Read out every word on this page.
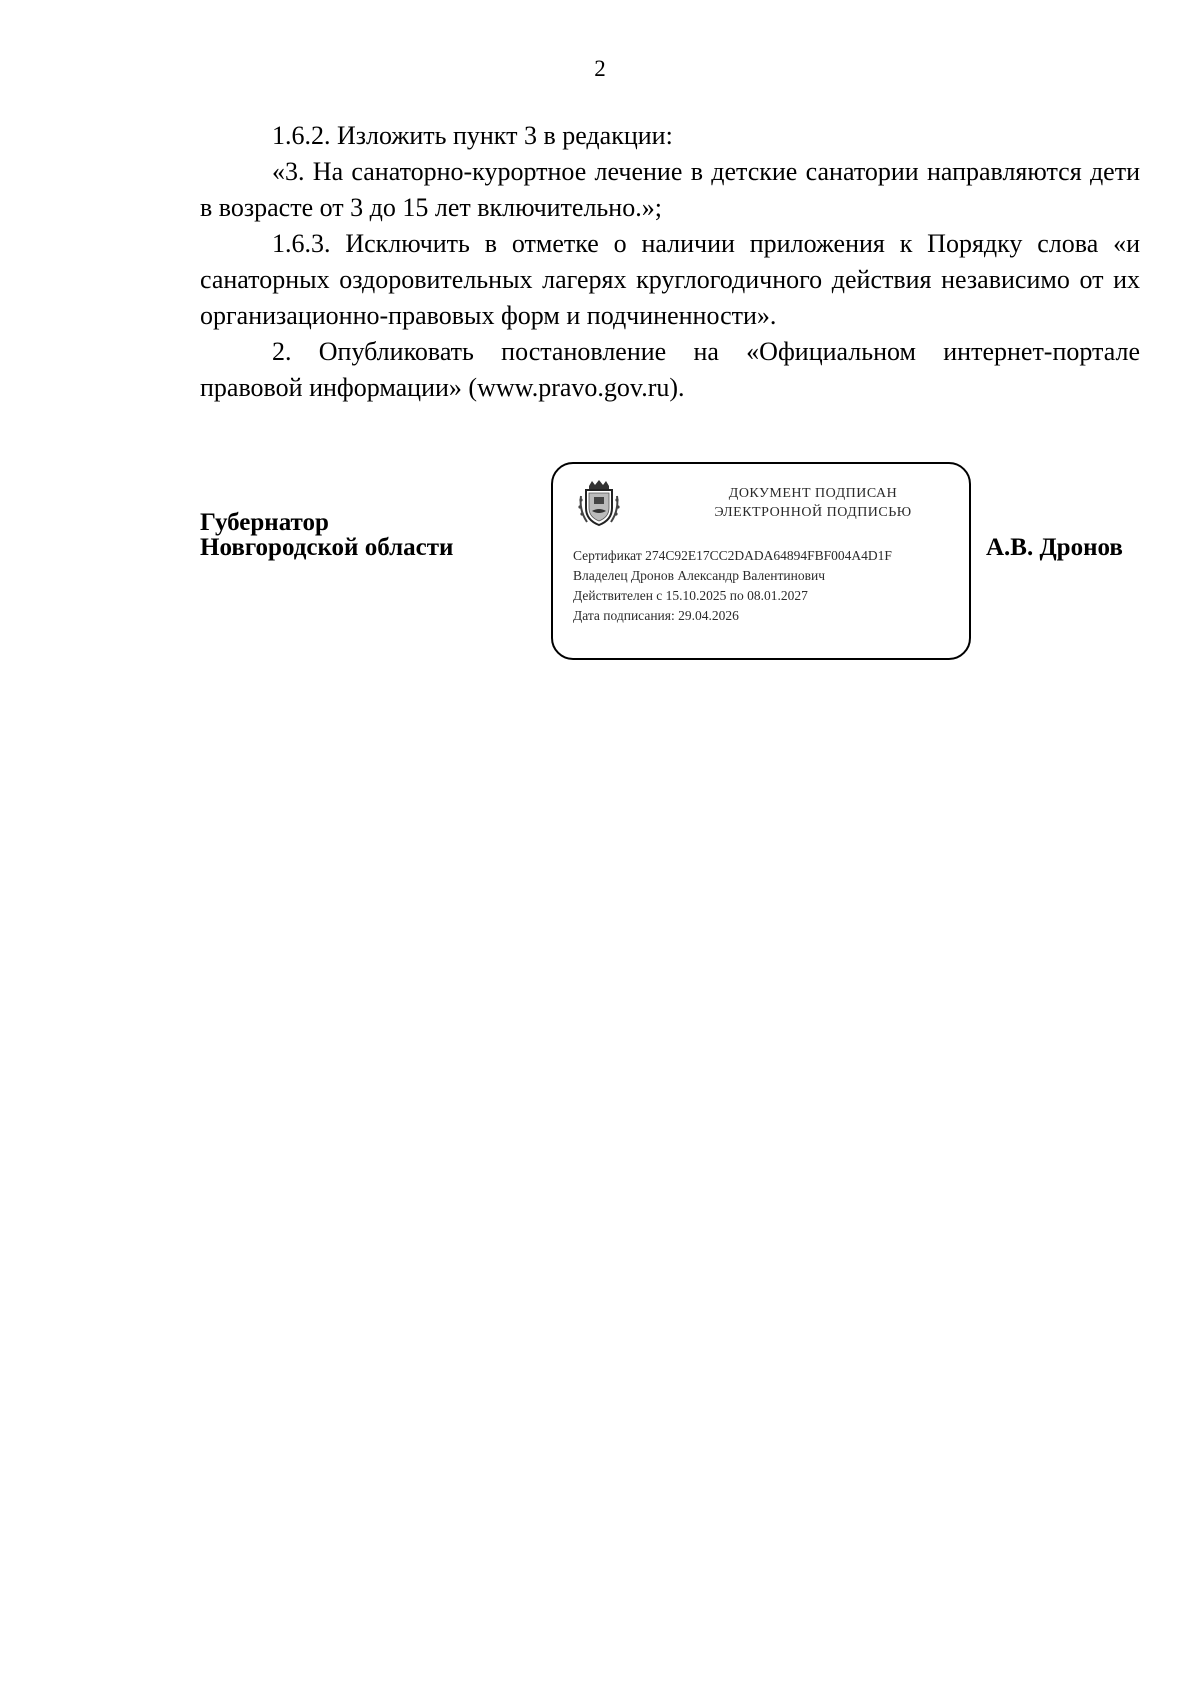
2

1.6.2. Изложить пункт 3 в редакции:

«3. На санаторно-курортное лечение в детские санатории направляются дети в возрасте от 3 до 15 лет включительно.»;

1.6.3. Исключить в отметке о наличии приложения к Порядку слова «и санаторных оздоровительных лагерях круглогодичного действия независимо от их организационно-правовых форм и подчиненности».

2. Опубликовать постановление на «Официальном интернет-портале правовой информации» (www.pravo.gov.ru).

Губернатор
Новгородской области	А.В. Дронов
ДОКУМЕНТ ПОДПИСАН
ЭЛЕКТРОННОЙ ПОДПИСЬЮ
Сертификат 274C92E17CC2DADA64894FBF004A4D1F
Владелец Дронов Александр Валентинович
Действителен с 15.10.2025 по 08.01.2027
Дата подписания: 29.04.2026
